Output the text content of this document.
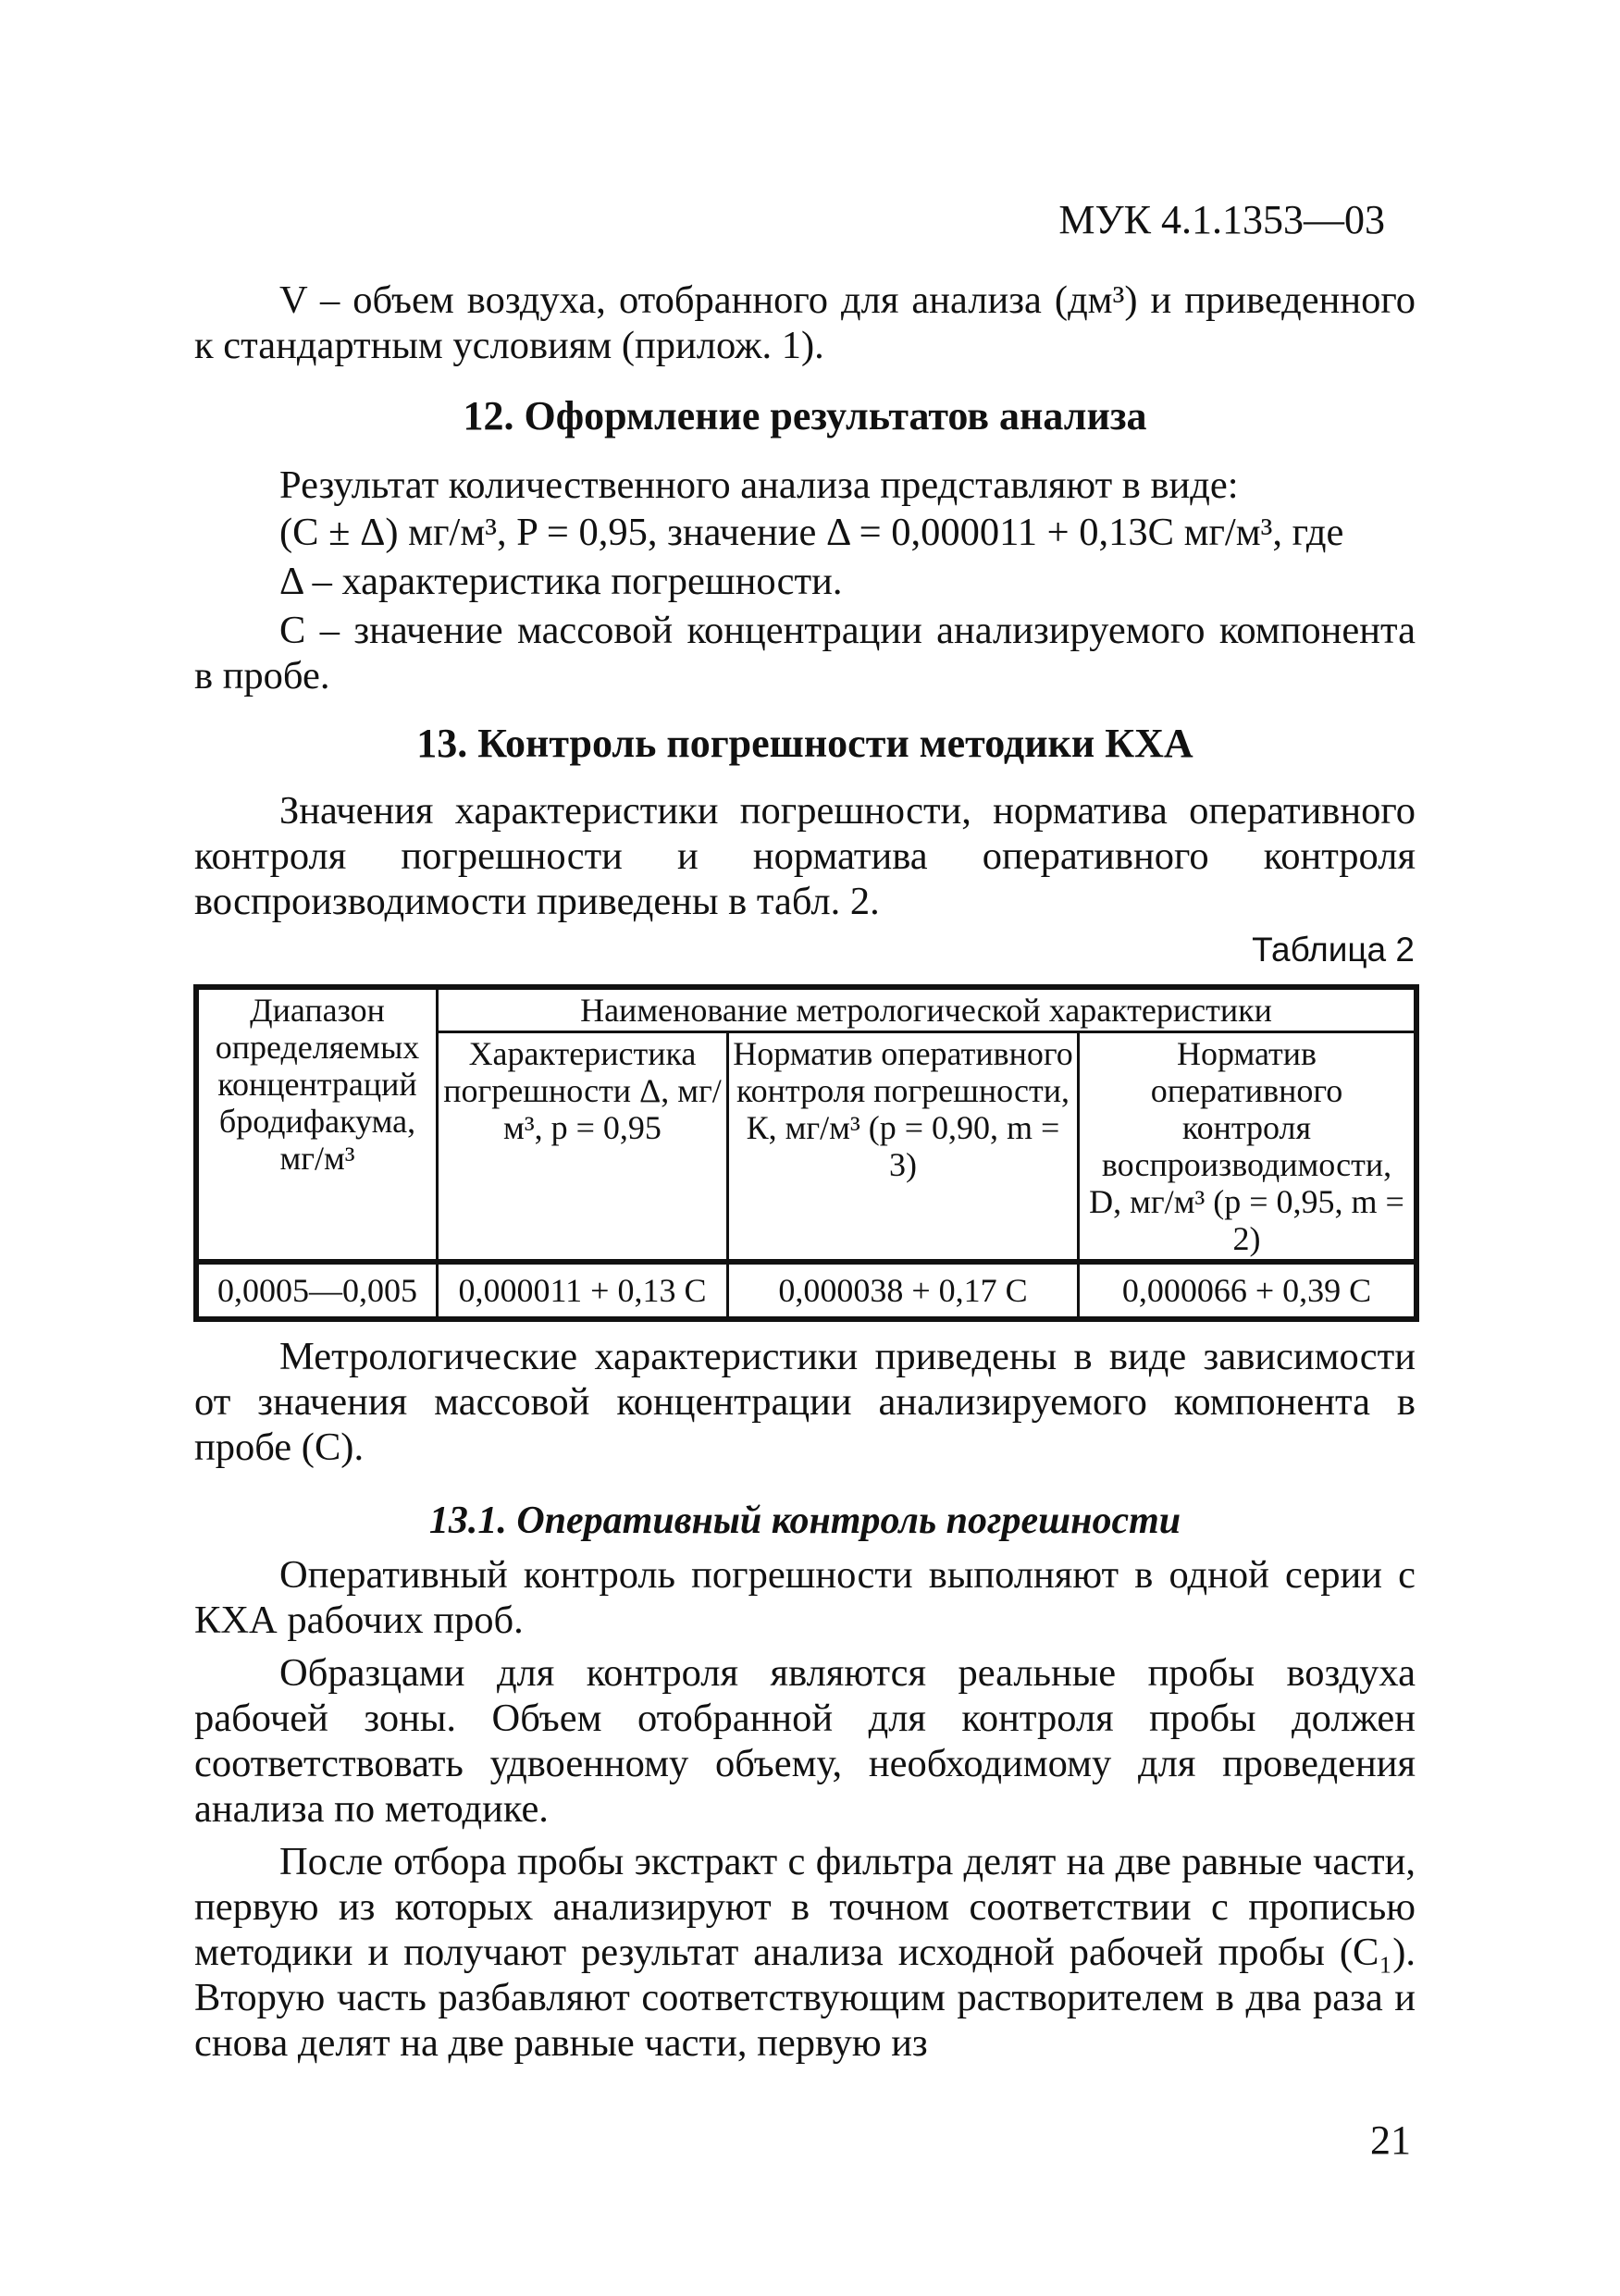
МУК 4.1.1353—03

V – объем воздуха, отобранного для анализа (дм³) и приведенного к стандартным условиям (прилож. 1).

12. Оформление результатов анализа

Результат количественного анализа представляют в виде:

(C ± Δ) мг/м³, P = 0,95, значение Δ = 0,000011 + 0,13C мг/м³, где

Δ – характеристика погрешности.

C – значение массовой концентрации анализируемого компонента в пробе.

13. Контроль погрешности методики КХА

Значения характеристики погрешности, норматива оперативного контроля погрешности и норматива оперативного контроля воспроизводимости приведены в табл. 2.

Таблица 2
Диапазон определяемых концентраций бродифакума, мг/м³	Наименование метрологической характеристики		
	Характеристика погрешности Δ, мг/м³, р = 0,95	Норматив оперативного контроля погрешности, К, мг/м³ (р = 0,90, m = 3)	Норматив оперативного контроля воспроизводимости, D, мг/м³ (р = 0,95, m = 2)
0,0005—0,005	0,000011 + 0,13 C	0,000038 + 0,17 C	0,000066 + 0,39 C

Метрологические характеристики приведены в виде зависимости от значения массовой концентрации анализируемого компонента в пробе (C).

13.1. Оперативный контроль погрешности

Оперативный контроль погрешности выполняют в одной серии с КХА рабочих проб.

Образцами для контроля являются реальные пробы воздуха рабочей зоны. Объем отобранной для контроля пробы должен соответствовать удвоенному объему, необходимому для проведения анализа по методике.

После отбора пробы экстракт с фильтра делят на две равные части, первую из которых анализируют в точном соответствии с прописью методики и получают результат анализа исходной рабочей пробы (C₁). Вторую часть разбавляют соответствующим растворителем в два раза и снова делят на две равные части, первую из

21
